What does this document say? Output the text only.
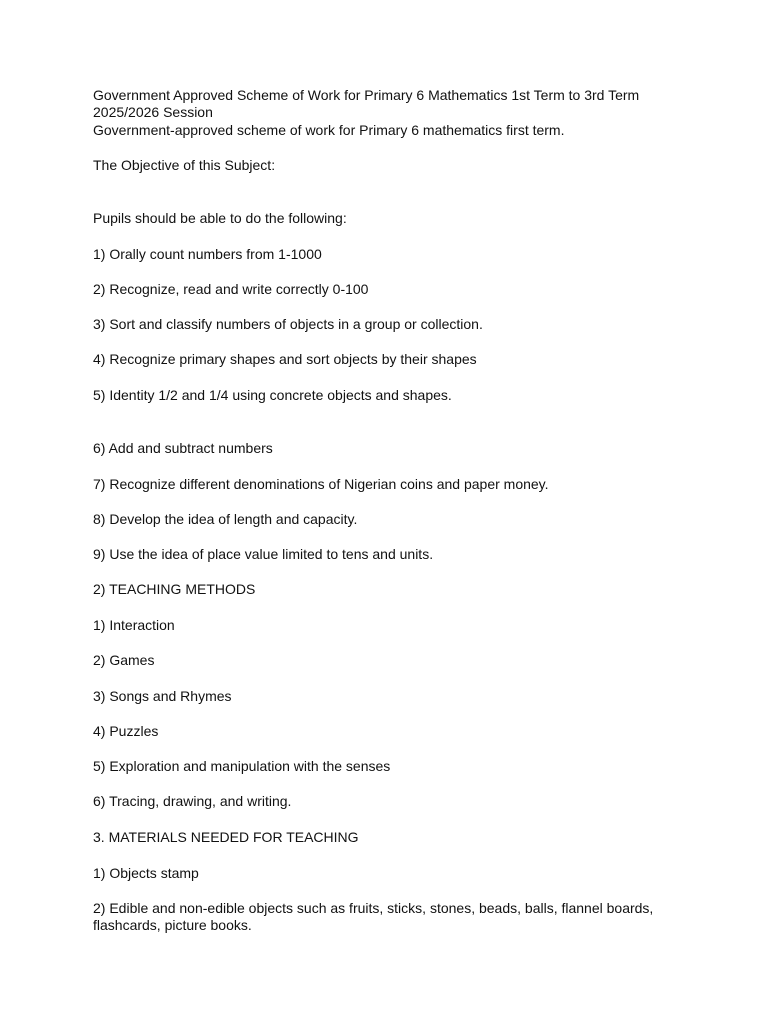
Government Approved Scheme of Work for Primary 6 Mathematics 1st Term to 3rd Term 2025/2026 Session

Government-approved scheme of work for Primary 6 mathematics first term.

The Objective of this Subject:

Pupils should be able to do the following:

1) Orally count numbers from 1-1000

2) Recognize, read and write correctly 0-100

3) Sort and classify numbers of objects in a group or collection.

4) Recognize primary shapes and sort objects by their shapes

5) Identity 1/2 and 1/4 using concrete objects and shapes.

6) Add and subtract numbers

7) Recognize different denominations of Nigerian coins and paper money.

8) Develop the idea of length and capacity.

9) Use the idea of place value limited to tens and units.

2) TEACHING METHODS

1) Interaction

2) Games

3) Songs and Rhymes

4) Puzzles

5) Exploration and manipulation with the senses

6) Tracing, drawing, and writing.

3. MATERIALS NEEDED FOR TEACHING

1) Objects stamp

2) Edible and non-edible objects such as fruits, sticks, stones, beads, balls, flannel boards, flashcards, picture books.
